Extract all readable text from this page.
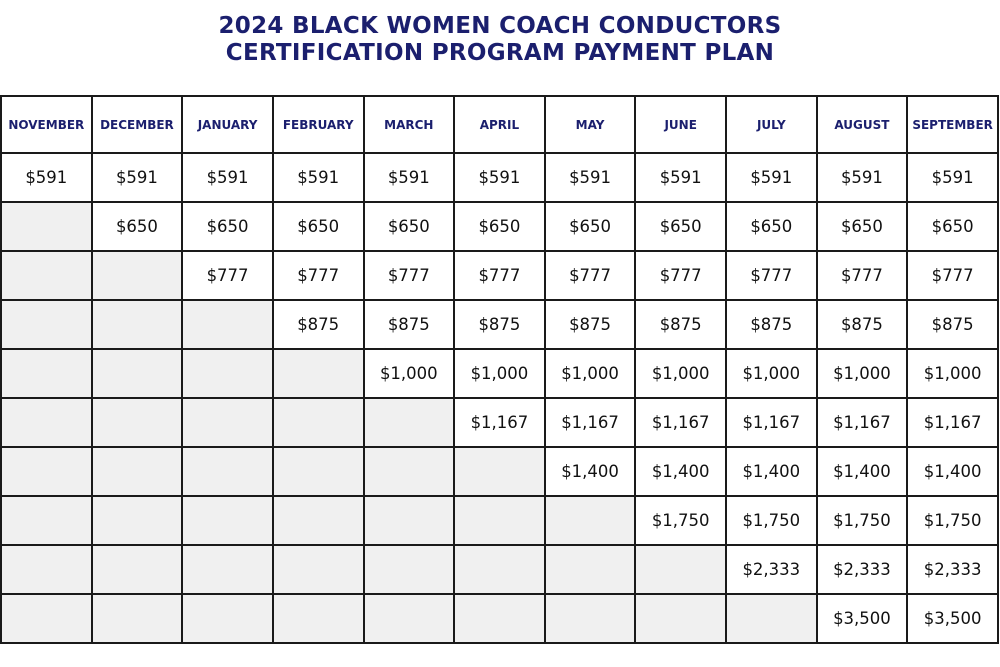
2024 BLACK WOMEN COACH CONDUCTORS
CERTIFICATION PROGRAM PAYMENT PLAN
NOVEMBER	DECEMBER	JANUARY	FEBRUARY	MARCH	APRIL	MAY	JUNE	JULY	AUGUST	SEPTEMBER
$591	$591	$591	$591	$591	$591	$591	$591	$591	$591	$591
	$650	$650	$650	$650	$650	$650	$650	$650	$650	$650
		$777	$777	$777	$777	$777	$777	$777	$777	$777
			$875	$875	$875	$875	$875	$875	$875	$875
				$1,000	$1,000	$1,000	$1,000	$1,000	$1,000	$1,000
					$1,167	$1,167	$1,167	$1,167	$1,167	$1,167
						$1,400	$1,400	$1,400	$1,400	$1,400
							$1,750	$1,750	$1,750	$1,750
								$2,333	$2,333	$2,333
									$3,500	$3,500
